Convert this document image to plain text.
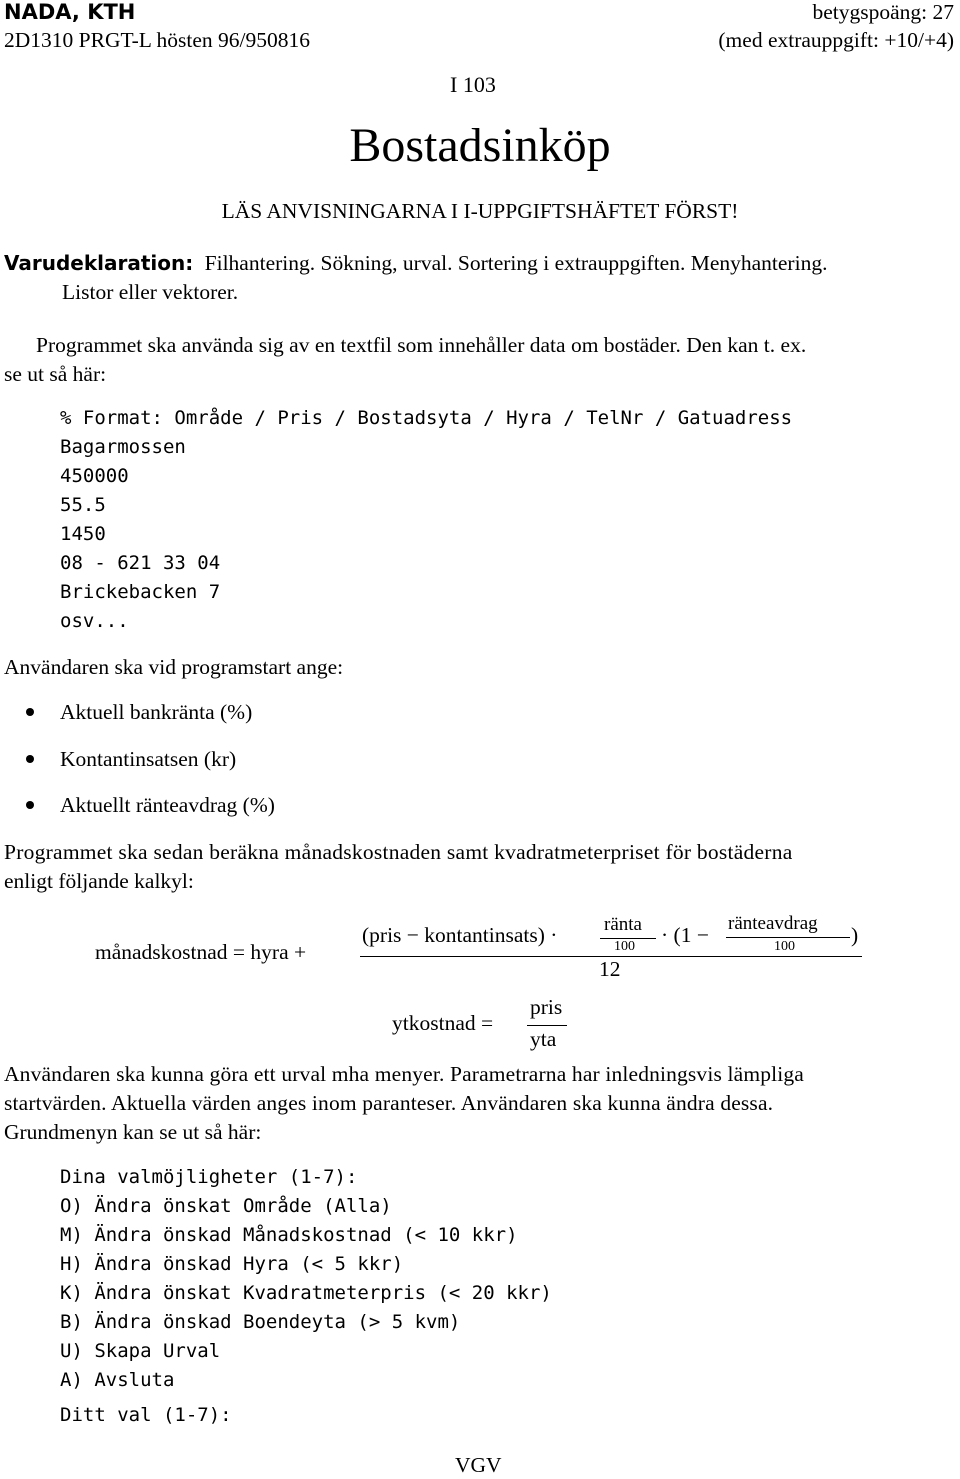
NADA, KTH
2D1310 PRGT-L hösten 96/950816
betygspoäng: 27
(med extrauppgift: +10/+4)
I 103
Bostadsinköp
LÄS ANVISNINGARNA I I-UPPGIFTSHÄFTET FÖRST!
Varudeklaration: Filhantering. Sökning, urval. Sortering i extrauppgiften. Menyhantering.
Listor eller vektorer.
Programmet ska använda sig av en textfil som innehåller data om bostäder. Den kan t. ex.
se ut så här:
% Format: Område / Pris / Bostadsyta / Hyra / TelNr / Gatuadress
Bagarmossen
450000
55.5
1450
08 - 621 33 04
Brickebacken 7
osv...
Användaren ska vid programstart ange:
Aktuell bankränta (%)
Kontantinsatsen (kr)
Aktuellt ränteavdrag (%)
Programmet ska sedan beräkna månadskostnaden samt kvadratmeterpriset för bostäderna
enligt följande kalkyl:
månadskostnad = hyra +
(pris − kontantinsats) · ränta
100 · (1 − ränteavdrag
100	)
12
ytkostnad =
pris
yta
Användaren ska kunna göra ett urval mha menyer. Parametrarna har inledningsvis lämpliga
startvärden. Aktuella värden anges inom paranteser. Användaren ska kunna ändra dessa.
Grundmenyn kan se ut så här:
Dina valmöjligheter (1-7):
O) Ändra önskat Område (Alla)
M) Ändra önskad Månadskostnad (< 10 kkr)
H) Ändra önskad Hyra (< 5 kkr)
K) Ändra önskat Kvadratmeterpris (< 20 kkr)
B) Ändra önskad Boendeyta (> 5 kvm)
U) Skapa Urval
A) Avsluta
Ditt val (1-7):
VGV
